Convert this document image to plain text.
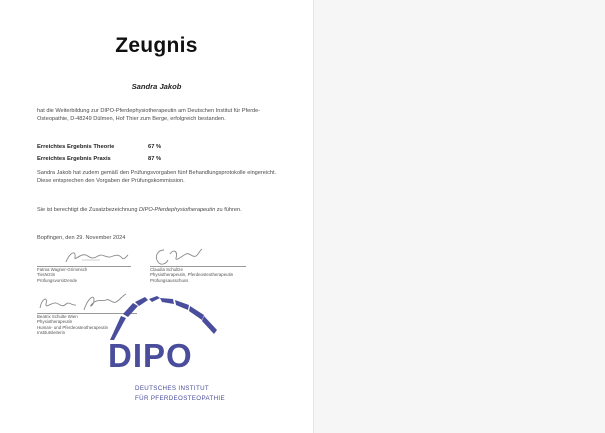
Zeugnis
Sandra Jakob
hat die Weiterbildung zur DIPO-Pferdephysiotherapeutin am Deutschen Institut für Pferde-Osteopathie, D-48249 Dülmen, Hof Thier zum Berge, erfolgreich bestanden.
Erreichtes Ergebnis Theorie	67 %
Erreichtes Ergebnis Praxis	87 %
Sandra Jakob hat zudem gemäß den Prüfungsvorgaben fünf Behandlungsprotokolle eingereicht. Diese entsprechen den Vorgaben der Prüfungskommission.
Sie ist berechtigt die Zusatzbezeichnung DIPO-Pferdephysiotherapeutin zu führen.
Bopfingen, den 29. November 2024
Fatma Wagner-Grimmsch
Tierärztin
Prüfungsvorsitzende
Claudia Schultze
Physiotherapeutin, Pferdeosteotherapeutin
Prüfungsausschuss
Beatrix Schulte Wien
Physiotherapeutin
Human- und Pferdeosteotherapeutin
Institutsleiterin
DIPO
DEUTSCHES INSTITUT
FÜR PFERDEOSTEOPATHIE
